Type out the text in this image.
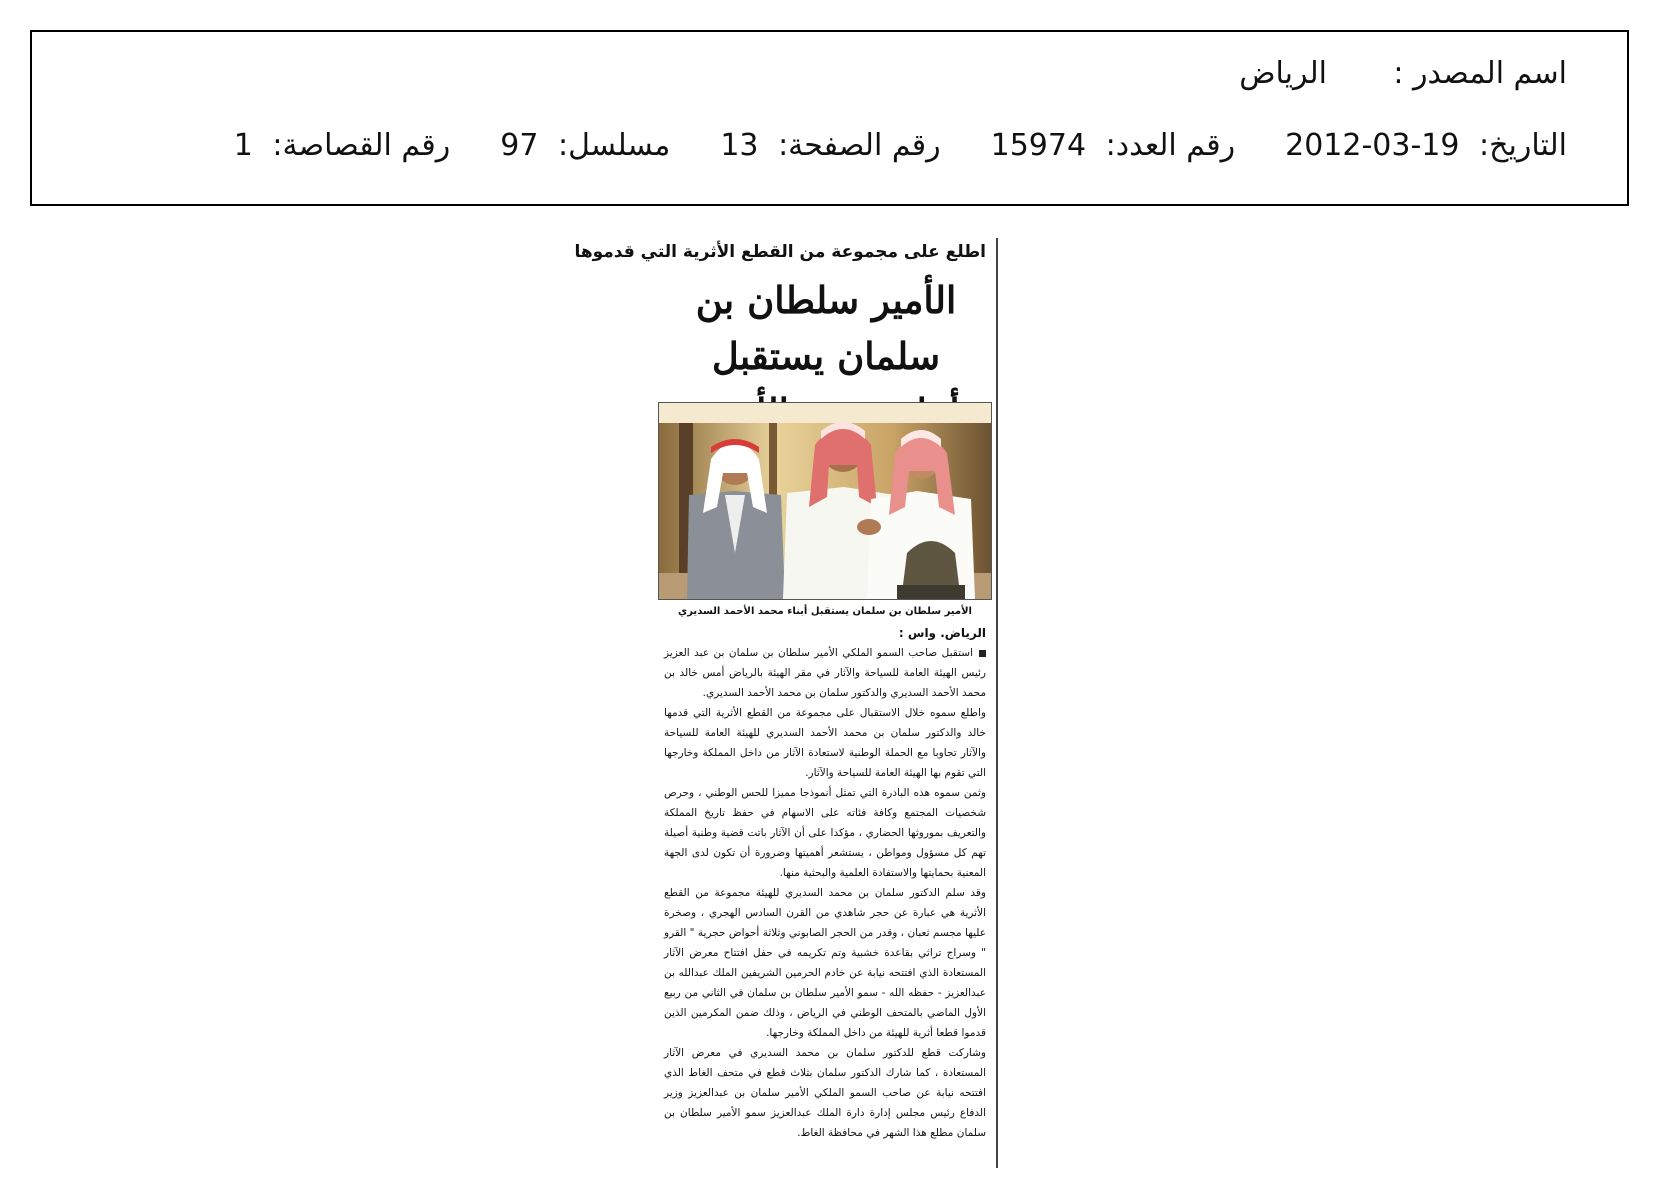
اسم المصدر :
الرياض
التاريخ: 2012-03-19
رقم العدد: 15974
رقم الصفحة: 13
مسلسل: 97
رقم القصاصة: 1
اطلع على مجموعة من القطع الأثرية التي قدموها
الأمير سلطان بن سلمان يستقبل
الأمير سلطان بن سلمان يستقبل أبناء محمد الأحمد السديري
الرياض. واس :

استقبل صاحب السمو الملكي الأمير سلطان بن سلمان بن عبد العزيز رئيس الهيئة العامة للسياحة والآثار في مقر الهيئة بالرياض أمس خالد بن محمد الأحمد السديري والدكتور سلمان بن محمد الأحمد السديري.

واطلع سموه خلال الاستقبال على مجموعة من القطع الأثرية التي قدمها خالد والدكتور سلمان بن محمد الأحمد السديري للهيئة العامة للسياحة والآثار تجاوبا مع الحملة الوطنية لاستعادة الآثار من داخل المملكة وخارجها التي تقوم بها الهيئة العامة للسياحة والآثار.

وثمن سموه هذه البادرة التي تمثل أنموذجا مميزا للحس الوطني ، وحرص شخصيات المجتمع وكافة فئاته على الاسهام في حفظ تاريخ المملكة والتعريف بموروثها الحضاري ، مؤكدا على أن الآثار باتت قضية وطنية أصيلة تهم كل مسؤول ومواطن ، يستشعر أهميتها وضرورة أن تكون لدى الجهة المعنية بحمايتها والاستفادة العلمية والبحثية منها.

وقد سلم الدكتور سلمان بن محمد السديري للهيئة مجموعة من القطع الأثرية هي عبارة عن حجر شاهدي من القرن السادس الهجري ، وصخرة عليها مجسم ثعبان ، وقدر من الحجر الصابوني وثلاثة أحواض حجرية " القرو " وسراج تراثي بقاعدة خشبية وتم تكريمه في حفل افتتاح معرض الآثار المستعادة الذي افتتحه نيابة عن خادم الحرمين الشريفين الملك عبدالله بن عبدالعزيز - حفظه الله - سمو الأمير سلطان بن سلمان في الثاني من ربيع الأول الماضي بالمتحف الوطني في الرياض ، وذلك ضمن المكرمين الذين قدموا قطعا أثرية للهيئة من داخل المملكة وخارجها.

وشاركت قطع للدكتور سلمان بن محمد السديري في معرض الآثار المستعادة ، كما شارك الدكتور سلمان بثلاث قطع في متحف الغاط الذي افتتحه نيابة عن صاحب السمو الملكي الأمير سلمان بن عبدالعزيز وزير الدفاع رئيس مجلس إدارة دارة الملك عبدالعزيز سمو الأمير سلطان بن سلمان مطلع هذا الشهر في محافظة الغاط.
